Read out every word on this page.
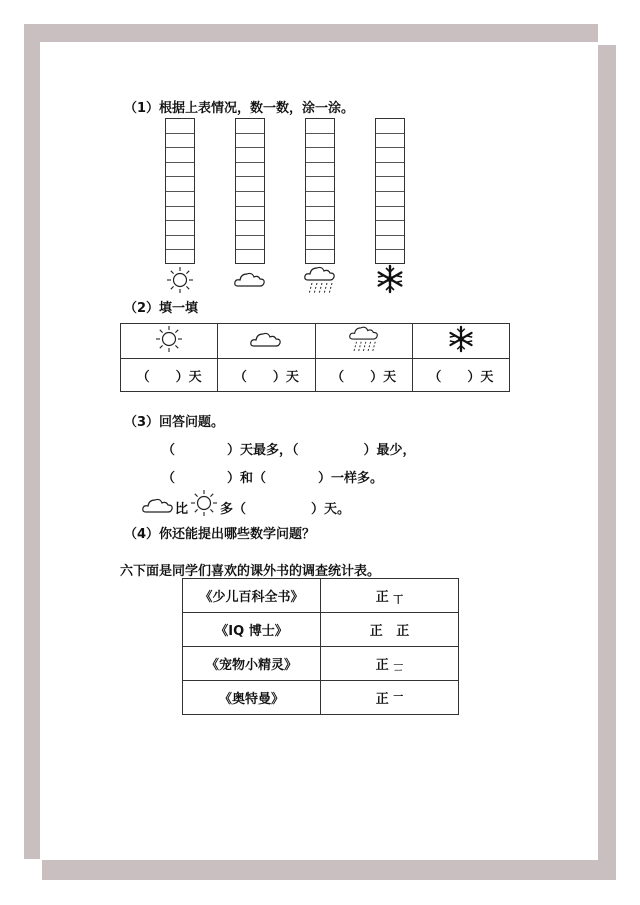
（1）根据上表情况，数一数，涂一涂。
（2）填一填

（　　）天	（　　）天	（　　）天	（　　）天
（3）回答问题。
（　　　　）天最多，（　　　　　）最少，
（　　　　）和（　　　　）一样多。
比 多（　　　　　）天。
（4）你还能提出哪些数学问题？
六下面是同学们喜欢的课外书的调查统计表。
《少儿百科全书》	正 丅
《IQ 博士》	正 正
《宠物小精灵》	正 𠄟
《奥特曼》	正 $^一$
